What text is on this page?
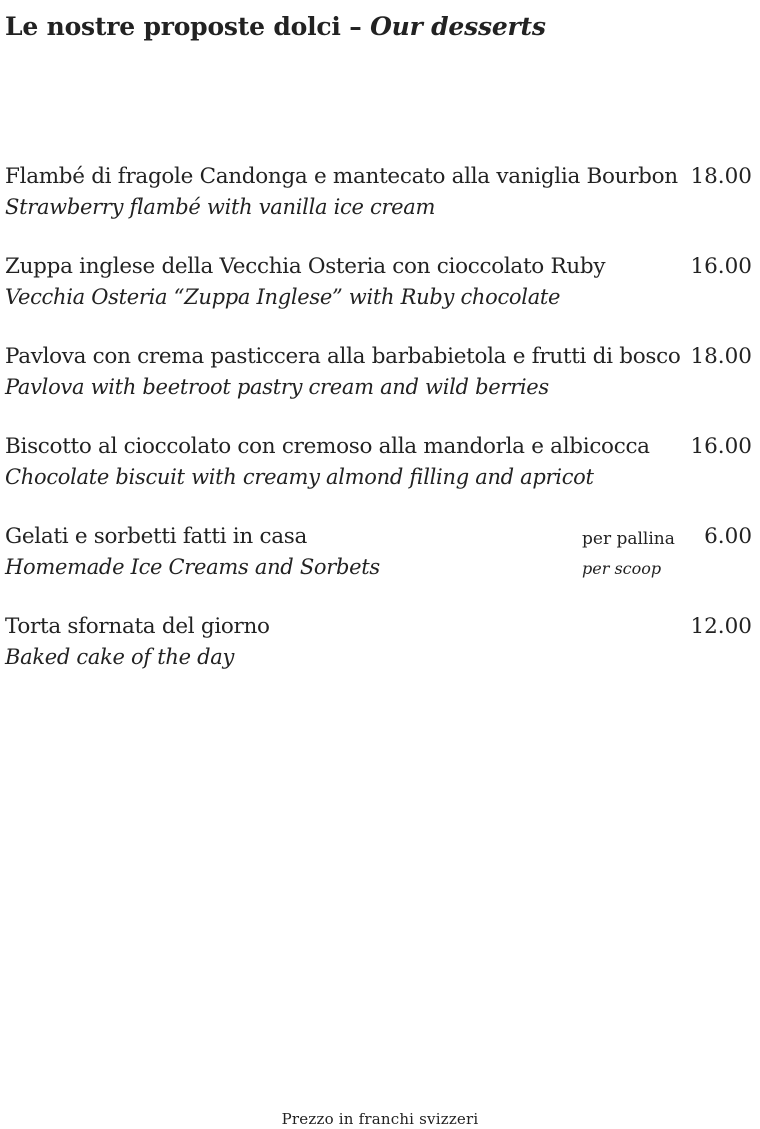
Le nostre proposte dolci – Our desserts
Flambé di fragole Candonga e mantecato alla vaniglia Bourbon
Strawberry flambé with vanilla ice cream
18.00
Zuppa inglese della Vecchia Osteria con cioccolato Ruby
Vecchia Osteria “Zuppa Inglese” with Ruby chocolate
16.00
Pavlova con crema pasticcera alla barbabietola e frutti di bosco
Pavlova with beetroot pastry cream and wild berries
18.00
Biscotto al cioccolato con cremoso alla mandorla e albicocca
Chocolate biscuit with creamy almond filling and apricot
16.00
Gelati e sorbetti fatti in casa
Homemade Ice Creams and Sorbets
per pallina
per scoop
6.00
Torta sfornata del giorno
Baked cake of the day
12.00
Prezzo in franchi svizzeri
